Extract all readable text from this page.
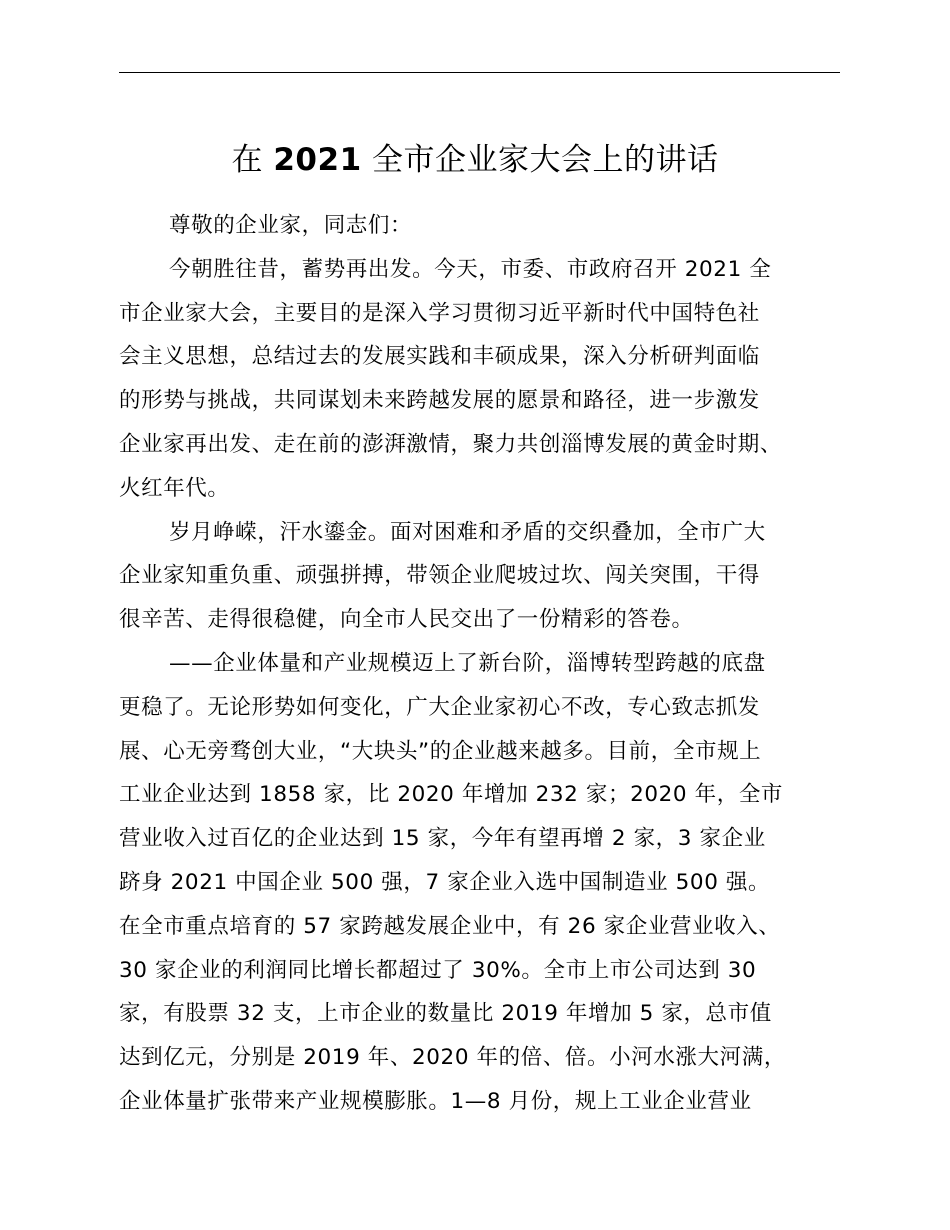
在 2021 全市企业家大会上的讲话
尊敬的企业家，同志们：
今朝胜往昔，蓄势再出发。今天，市委、市政府召开 2021 全
市企业家大会，主要目的是深入学习贯彻习近平新时代中国特色社
会主义思想，总结过去的发展实践和丰硕成果，深入分析研判面临
的形势与挑战，共同谋划未来跨越发展的愿景和路径，进一步激发
企业家再出发、走在前的澎湃激情，聚力共创淄博发展的黄金时期、
火红年代。
岁月峥嵘，汗水鎏金。面对困难和矛盾的交织叠加，全市广大
企业家知重负重、顽强拼搏，带领企业爬坡过坎、闯关突围，干得
很辛苦、走得很稳健，向全市人民交出了一份精彩的答卷。
——企业体量和产业规模迈上了新台阶，淄博转型跨越的底盘
更稳了。无论形势如何变化，广大企业家初心不改，专心致志抓发
展、心无旁骛创大业，“大块头”的企业越来越多。目前，全市规上
工业企业达到 1858 家，比 2020 年增加 232 家；2020 年，全市
营业收入过百亿的企业达到 15 家，今年有望再增 2 家，3 家企业
跻身 2021 中国企业 500 强，7 家企业入选中国制造业 500 强。
在全市重点培育的 57 家跨越发展企业中，有 26 家企业营业收入、
30 家企业的利润同比增长都超过了 30%。全市上市公司达到 30
家，有股票 32 支，上市企业的数量比 2019 年增加 5 家，总市值
达到亿元，分别是 2019 年、2020 年的倍、倍。小河水涨大河满，
企业体量扩张带来产业规模膨胀。1—8 月份，规上工业企业营业
